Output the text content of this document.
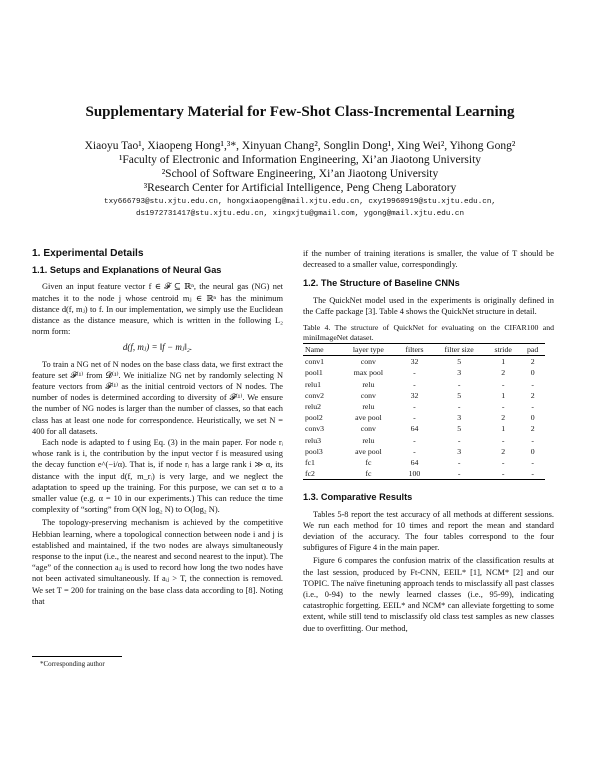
Supplementary Material for Few-Shot Class-Incremental Learning
Xiaoyu Tao¹, Xiaopeng Hong¹,³*, Xinyuan Chang², Songlin Dong¹, Xing Wei², Yihong Gong²
¹Faculty of Electronic and Information Engineering, Xi’an Jiaotong University
²School of Software Engineering, Xi’an Jiaotong University
³Research Center for Artificial Intelligence, Peng Cheng Laboratory
txy666793@stu.xjtu.edu.cn, hongxiaopeng@mail.xjtu.edu.cn, cxy19960919@stu.xjtu.edu.cn,
ds1972731417@stu.xjtu.edu.cn, xingxjtu@gmail.com, ygong@mail.xjtu.edu.cn
1. Experimental Details
1.1. Setups and Explanations of Neural Gas

Given an input feature vector f ∈ 𝓕 ⊆ ℝⁿ, the neural gas (NG) net matches it to the node j whose centroid mⱼ ∈ ℝⁿ has the minimum distance d(f, mⱼ) to f. In our implementation, we simply use the Euclidean distance as the distance measure, which is written in the following L₂ norm form:

d(f, mⱼ) = ‖f − mⱼ‖₂.

To train a NG net of N nodes on the base class data, we first extract the feature set 𝓕⁽¹⁾ from 𝓓⁽¹⁾. We initialize NG net by randomly selecting N feature vectors from 𝓕⁽¹⁾ as the initial centroid vectors of N nodes. The number of nodes is determined according to diversity of 𝓕⁽¹⁾. We ensure the number of NG nodes is larger than the number of classes, so that each class has at least one node for correspondence. Heuristically, we set N = 400 for all datasets.

Each node is adapted to f using Eq. (3) in the main paper. For node rᵢ whose rank is i, the contribution by the input vector f is measured using the decay function e^(−i/α). That is, if node rᵢ has a large rank i ≫ α, its distance with the input d(f, m_rᵢ) is very large, and we neglect the adaptation to speed up the training. For this purpose, we can set α to a smaller value (e.g. α = 10 in our experiments.) This can reduce the time complexity of “sorting” from O(N log₂ N) to O(log₂ N).

The topology-preserving mechanism is achieved by the competitive Hebbian learning, where a topological connection between node i and j is established and maintained, if the two nodes are always simultaneously response to the input (i.e., the nearest and second nearest to the input). The “age” of the connection aᵢⱼ is used to record how long the two nodes have not been activated simultaneously. If aᵢⱼ > T, the connection is removed. We set T = 200 for training on the base class data according to [8]. Noting that

*Corresponding author

if the number of training iterations is smaller, the value of T should be decreased to a smaller value, correspondingly.

1.2. The Structure of Baseline CNNs

The QuickNet model used in the experiments is originally defined in the Caffe package [3]. Table 4 shows the QuickNet structure in detail.

Table 4. The structure of QuickNet for evaluating on the CIFAR100 and miniImageNet dataset.
Name	layer type	filters	filter size	stride	pad
conv1	conv	32	5	1	2
pool1	max pool	-	3	2	0
relu1	relu	-	-	-	-
conv2	conv	32	5	1	2
relu2	relu	-	-	-	-
pool2	ave pool	-	3	2	0
conv3	conv	64	5	1	2
relu3	relu	-	-	-	-
pool3	ave pool	-	3	2	0
fc1	fc	64	-	-	-
fc2	fc	100	-	-	-
1.3. Comparative Results

Tables 5-8 report the test accuracy of all methods at different sessions. We run each method for 10 times and report the mean and standard deviation of the accuracy. The four tables correspond to the four subfigures of Figure 4 in the main paper.

Figure 6 compares the confusion matrix of the classification results at the last session, produced by Ft-CNN, EEIL* [1], NCM* [2] and our TOPIC. The naïve finetuning approach tends to misclassify all past classes (i.e., 0-94) to the newly learned classes (i.e., 95-99), indicating catastrophic forgetting. EEIL* and NCM* can alleviate forgetting to some extent, while still tend to misclassify old class test samples as new classes due to overfitting. Our method,
